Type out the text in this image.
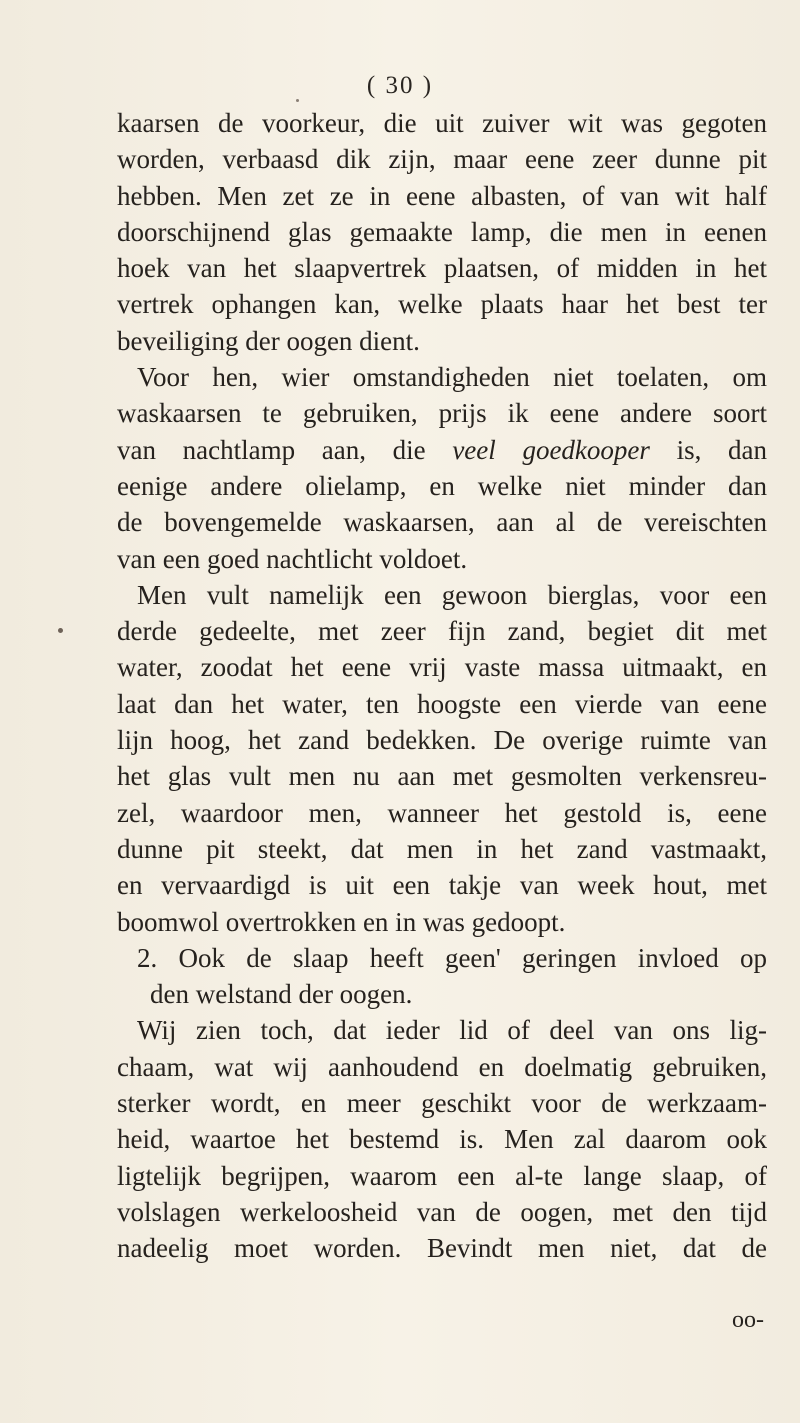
( 30 )
kaarsen de voorkeur, die uit zuiver wit was gegoten
worden, verbaasd dik zijn, maar eene zeer dunne pit
hebben. Men zet ze in eene albasten, of van wit half
doorschijnend glas gemaakte lamp, die men in eenen
hoek van het slaapvertrek plaatsen, of midden in het
vertrek ophangen kan, welke plaats haar het best ter
beveiliging der oogen dient.
Voor hen, wier omstandigheden niet toelaten, om
waskaarsen te gebruiken, prijs ik eene andere soort
van nachtlamp aan, die veel goedkooper is, dan
eenige andere olielamp, en welke niet minder dan
de bovengemelde waskaarsen, aan al de vereischten
van een goed nachtlicht voldoet.
Men vult namelijk een gewoon bierglas, voor een
derde gedeelte, met zeer fijn zand, begiet dit met
water, zoodat het eene vrij vaste massa uitmaakt, en
laat dan het water, ten hoogste een vierde van eene
lijn hoog, het zand bedekken. De overige ruimte van
het glas vult men nu aan met gesmolten verkensreu-
zel, waardoor men, wanneer het gestold is, eene
dunne pit steekt, dat men in het zand vastmaakt,
en vervaardigd is uit een takje van week hout, met
boomwol overtrokken en in was gedoopt.
2. Ook de slaap heeft geen' geringen invloed op
den welstand der oogen.
Wij zien toch, dat ieder lid of deel van ons lig-
chaam, wat wij aanhoudend en doelmatig gebruiken,
sterker wordt, en meer geschikt voor de werkzaam-
heid, waartoe het bestemd is. Men zal daarom ook
ligtelijk begrijpen, waarom een al-te lange slaap, of
volslagen werkeloosheid van de oogen, met den tijd
nadeelig moet worden. Bevindt men niet, dat de
oo-
